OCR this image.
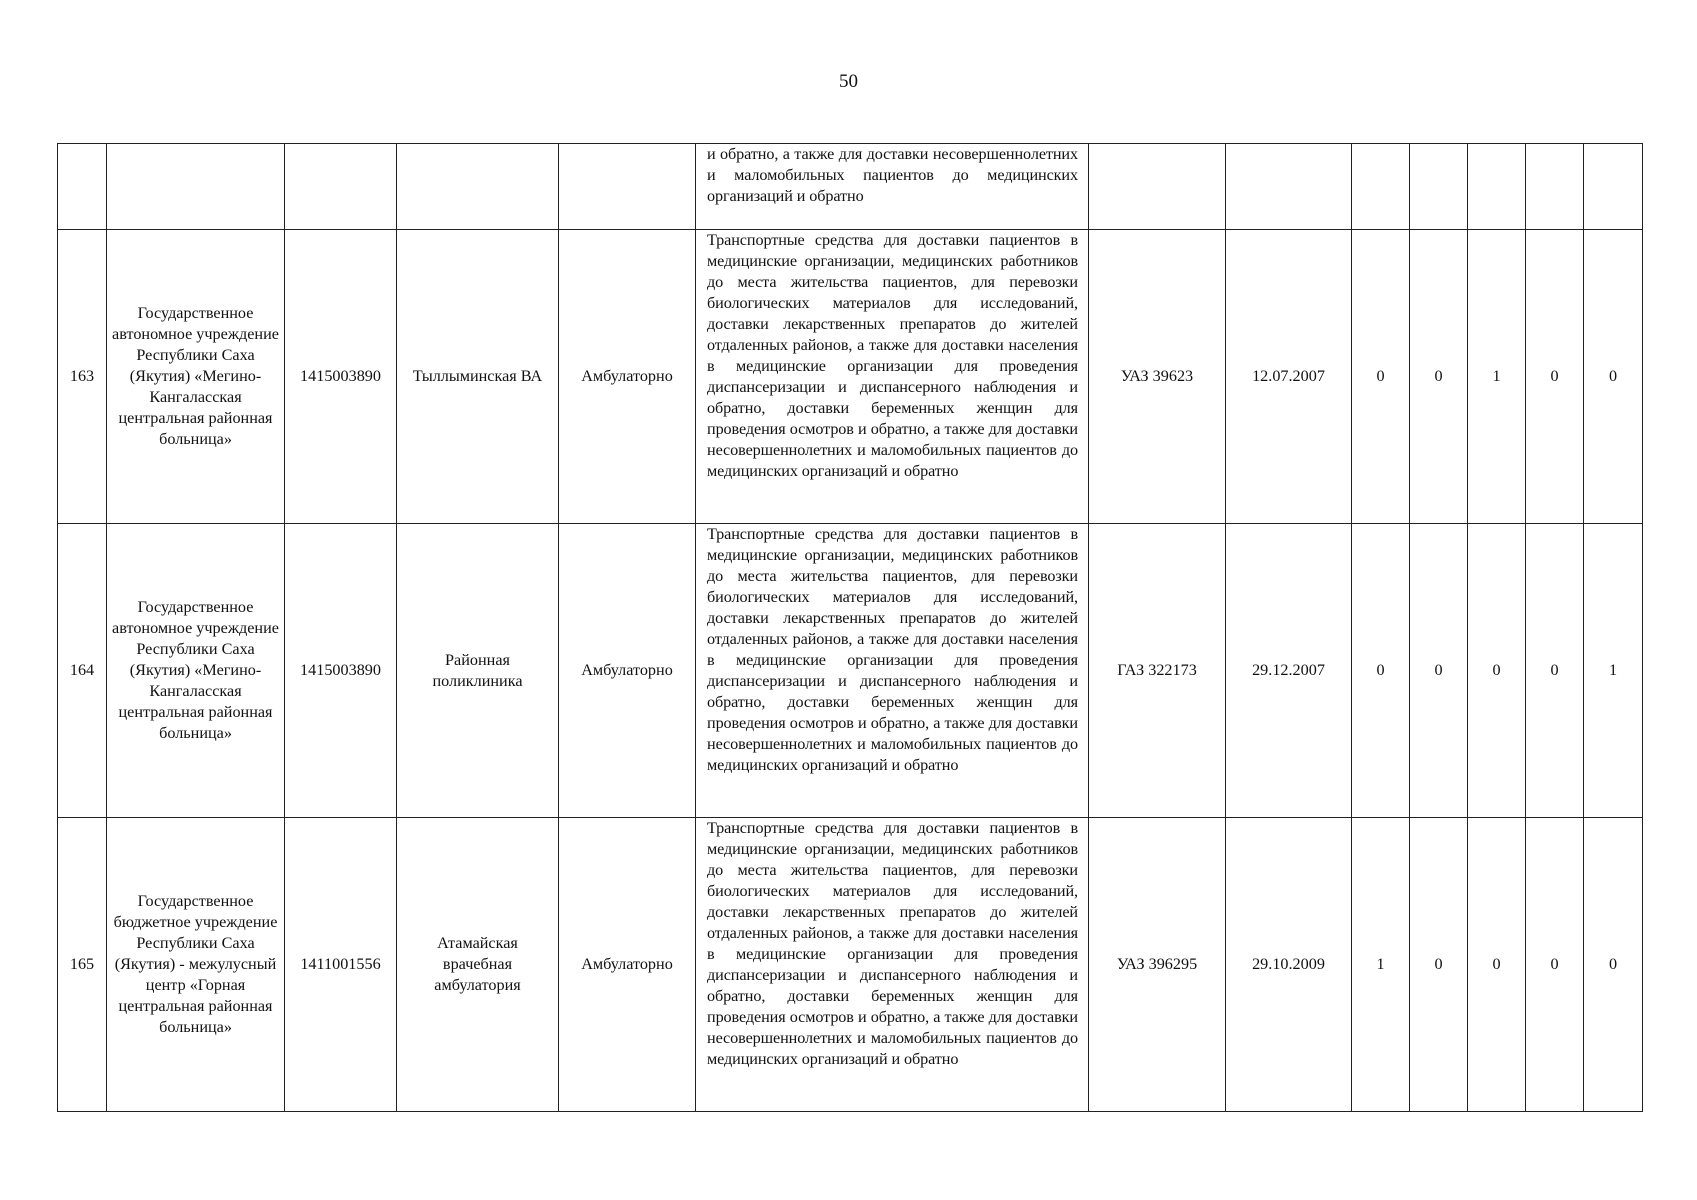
50
					и обратно, а также для доставки несовершеннолетних и маломобильных пациентов до медицинских организаций и обратно							
163	Государственное автономное учреждение Республики Саха (Якутия) «Мегино-Кангаласская центральная районная больница»	1415003890	Тыллыминская ВА	Амбулаторно	Транспортные средства для доставки пациентов в медицинские организации, медицинских работников до места жительства пациентов, для перевозки биологических материалов для исследований, доставки лекарственных препаратов до жителей отдаленных районов, а также для доставки населения в медицинские организации для проведения диспансеризации и диспансерного наблюдения и обратно, доставки беременных женщин для проведения осмотров и обратно, а также для доставки несовершеннолетних и маломобильных пациентов до медицинских организаций и обратно	УАЗ 39623	12.07.2007	0	0	1	0	0
164	Государственное автономное учреждение Республики Саха (Якутия) «Мегино-Кангаласская центральная районная больница»	1415003890	Районная поликлиника	Амбулаторно	Транспортные средства для доставки пациентов в медицинские организации, медицинских работников до места жительства пациентов, для перевозки биологических материалов для исследований, доставки лекарственных препаратов до жителей отдаленных районов, а также для доставки населения в медицинские организации для проведения диспансеризации и диспансерного наблюдения и обратно, доставки беременных женщин для проведения осмотров и обратно, а также для доставки несовершеннолетних и маломобильных пациентов до медицинских организаций и обратно	ГАЗ 322173	29.12.2007	0	0	0	0	1
165	Государственное бюджетное учреждение Республики Саха (Якутия) - межулусный центр «Горная центральная районная больница»	1411001556	Атамайская врачебная амбулатория	Амбулаторно	Транспортные средства для доставки пациентов в медицинские организации, медицинских работников до места жительства пациентов, для перевозки биологических материалов для исследований, доставки лекарственных препаратов до жителей отдаленных районов, а также для доставки населения в медицинские организации для проведения диспансеризации и диспансерного наблюдения и обратно, доставки беременных женщин для проведения осмотров и обратно, а также для доставки несовершеннолетних и маломобильных пациентов до медицинских организаций и обратно	УАЗ 396295	29.10.2009	1	0	0	0	0
